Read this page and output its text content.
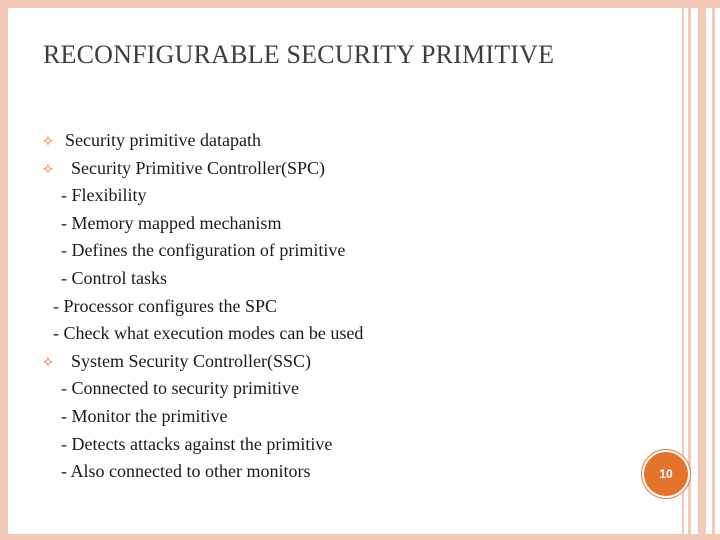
RECONFIGURABLE SECURITY PRIMITIVE
⟡
⟡
⟡
Security primitive datapath
Security Primitive Controller(SPC)
- Flexibility
- Memory mapped mechanism
- Defines the configuration of primitive
- Control tasks
- Processor configures the SPC
- Check what execution modes can be used
System Security Controller(SSC)
- Connected to security primitive
- Monitor the primitive
- Detects attacks against the primitive
- Also connected to other monitors	10
